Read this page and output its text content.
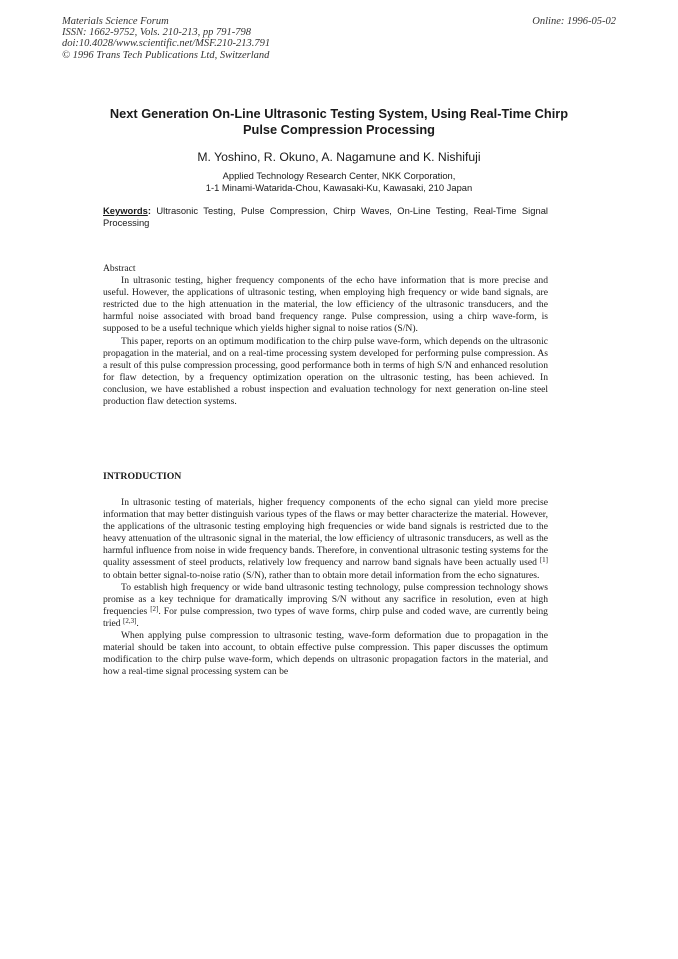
Materials Science Forum
ISSN: 1662-9752, Vols. 210-213, pp 791-798
doi:10.4028/www.scientific.net/MSF.210-213.791
© 1996 Trans Tech Publications Ltd, Switzerland
Online: 1996-05-02
Next Generation On-Line Ultrasonic Testing System, Using Real-Time Chirp Pulse Compression Processing

M. Yoshino, R. Okuno, A. Nagamune and K. Nishifuji

Applied Technology Research Center, NKK Corporation,
1-1 Minami-Watarida-Chou, Kawasaki-Ku, Kawasaki, 210 Japan

Keywords: Ultrasonic Testing, Pulse Compression, Chirp Waves, On-Line Testing, Real-Time Signal Processing

Abstract

In ultrasonic testing, higher frequency components of the echo have information that is more precise and useful. However, the applications of ultrasonic testing, when employing high frequency or wide band signals, are restricted due to the high attenuation in the material, the low efficiency of the ultrasonic transducers, and the harmful noise associated with broad band frequency range. Pulse compression, using a chirp wave-form, is supposed to be a useful technique which yields higher signal to noise ratios (S/N).

This paper, reports on an optimum modification to the chirp pulse wave-form, which depends on the ultrasonic propagation in the material, and on a real-time processing system developed for performing pulse compression. As a result of this pulse compression processing, good performance both in terms of high S/N and enhanced resolution for flaw detection, by a frequency optimization operation on the ultrasonic testing, has been achieved. In conclusion, we have established a robust inspection and evaluation technology for next generation on-line steel production flaw detection systems.

INTRODUCTION

In ultrasonic testing of materials, higher frequency components of the echo signal can yield more precise information that may better distinguish various types of the flaws or may better characterize the material. However, the applications of the ultrasonic testing employing high frequencies or wide band signals is restricted due to the heavy attenuation of the ultrasonic signal in the material, the low efficiency of ultrasonic transducers, as well as the harmful influence from noise in wide frequency bands. Therefore, in conventional ultrasonic testing systems for the quality assessment of steel products, relatively low frequency and narrow band signals have been actually used [1] to obtain better signal-to-noise ratio (S/N), rather than to obtain more detail information from the echo signatures.

To establish high frequency or wide band ultrasonic testing technology, pulse compression technology shows promise as a key technique for dramatically improving S/N without any sacrifice in resolution, even at high frequencies [2]. For pulse compression, two types of wave forms, chirp pulse and coded wave, are currently being tried [2,3].

When applying pulse compression to ultrasonic testing, wave-form deformation due to propagation in the material should be taken into account, to obtain effective pulse compression. This paper discusses the optimum modification to the chirp pulse wave-form, which depends on ultrasonic propagation factors in the material, and how a real-time signal processing system can be
